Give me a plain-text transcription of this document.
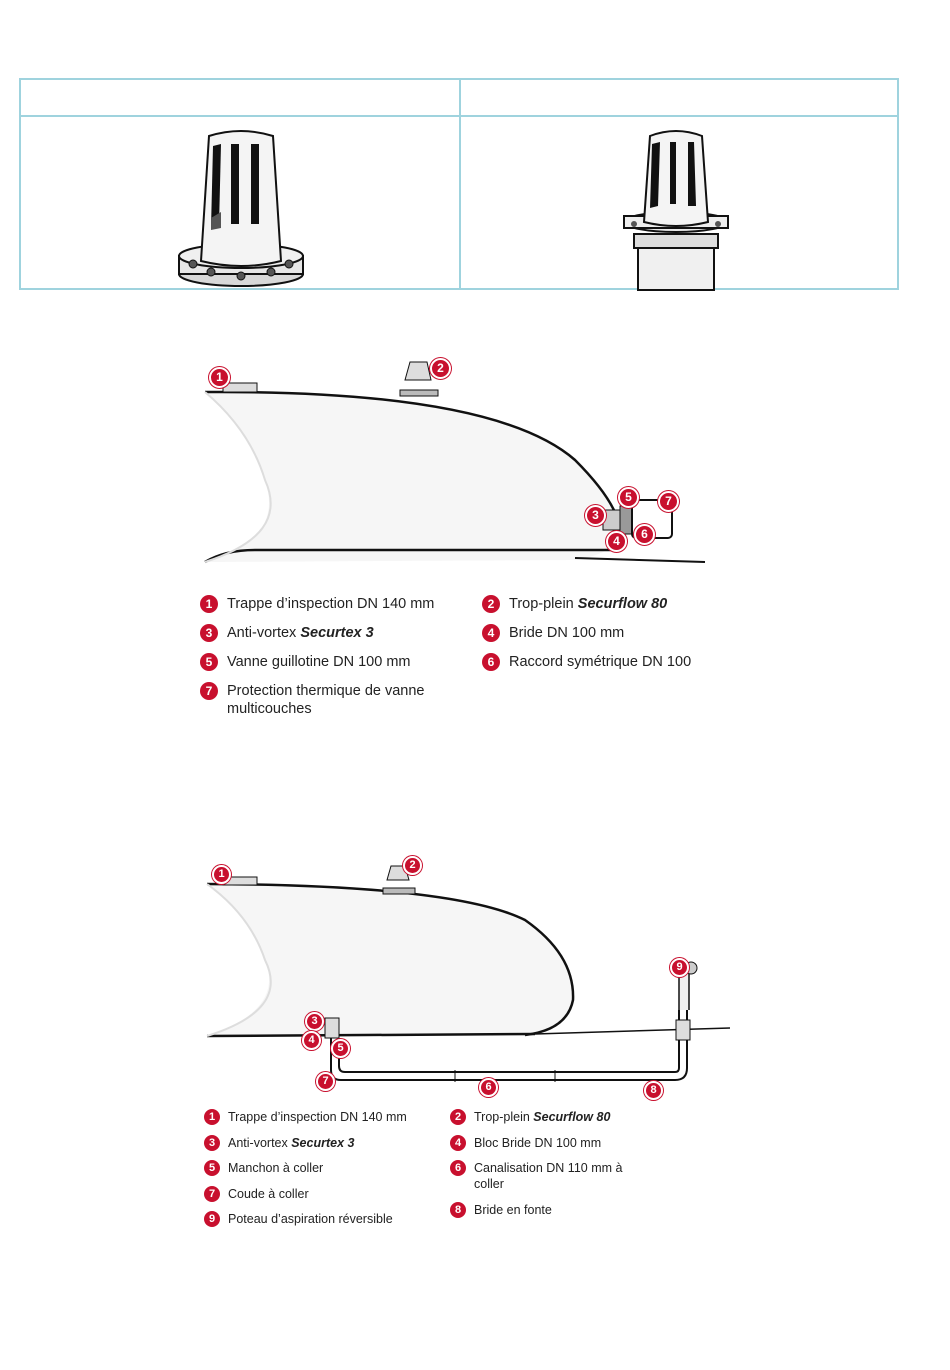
1
2
3
4
5
6
7
1	Trappe d’inspection DN 140 mm	2	Trop-plein Securflow 80
3	Anti-vortex Securtex 3	4	Bride DN 100 mm
5	Vanne guillotine DN 100 mm	6	Raccord symétrique DN 100
7	Protection thermique de vanne multicouches
1
2
3
4
5
6
7
8
9
1	Trappe d’inspection DN 140 mm	2	Trop-plein Securflow 80
3	Anti-vortex Securtex 3	4	Bloc Bride DN 100 mm
5	Manchon à coller	6	Canalisation DN 110 mm à coller
7	Coude à coller
8	Bride en fonte
9	Poteau d’aspiration réversible
